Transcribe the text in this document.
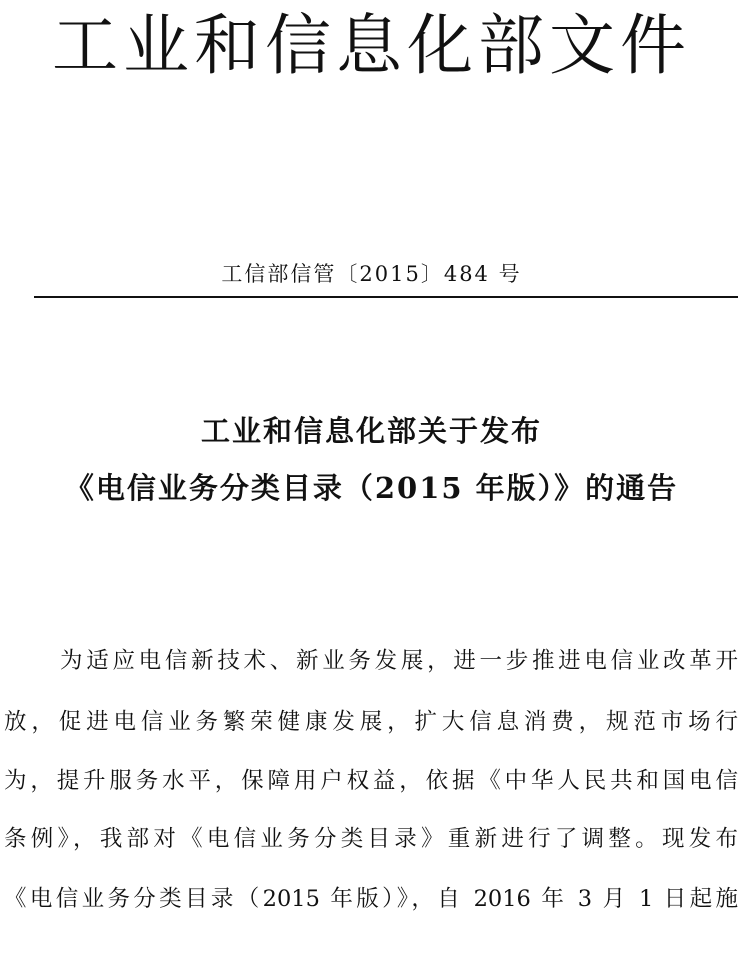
工业和信息化部文件
工信部信管〔2015〕484 号
工业和信息化部关于发布
《电信业务分类目录（2015 年版）》的通告
为适应电信新技术、新业务发展，进一步推进电信业改革开
放，促进电信业务繁荣健康发展，扩大信息消费，规范市场行
为，提升服务水平，保障用户权益，依据《中华人民共和国电信
条例》，我部对《电信业务分类目录》重新进行了调整。现发布
《电信业务分类目录（2015 年版）》，自 2016 年 3 月 1 日起施
